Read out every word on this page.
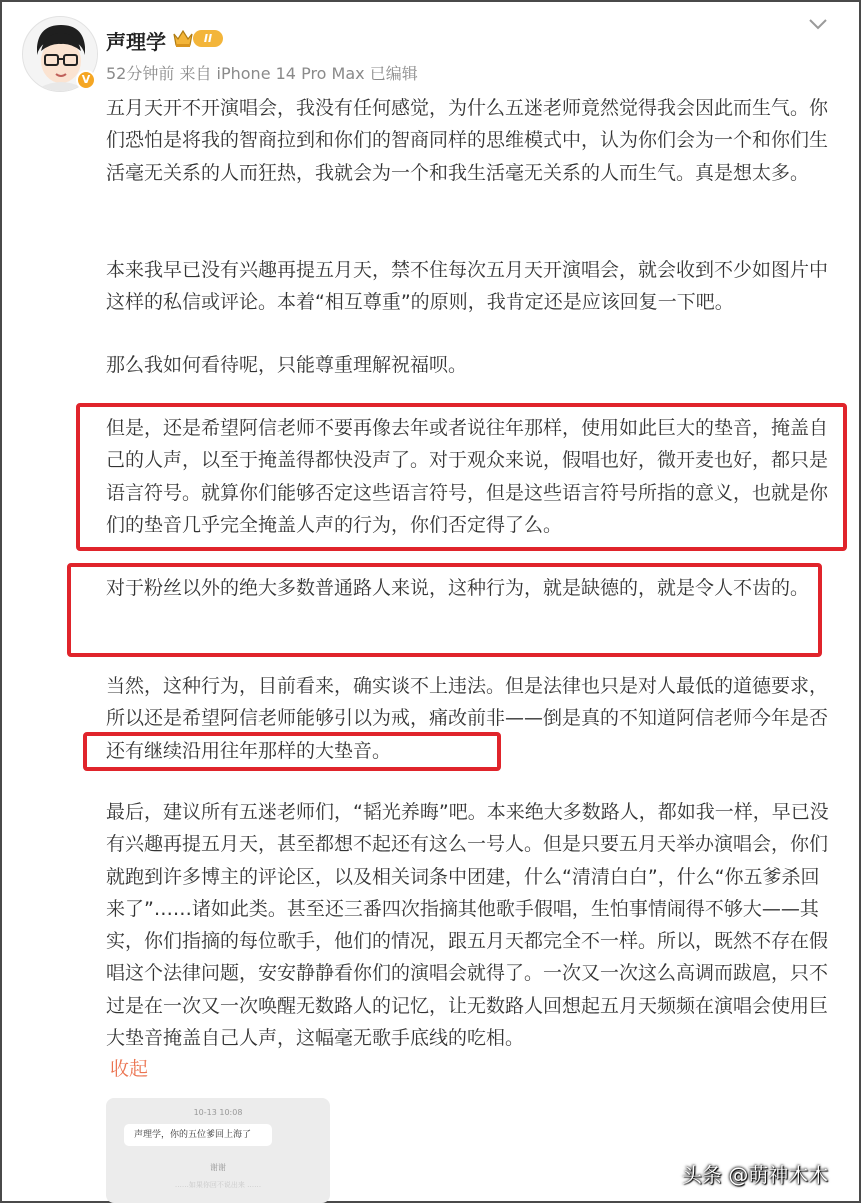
V
声理学	II
52分钟前 来自 iPhone 14 Pro Max 已编辑
五月天开不开演唱会，我没有任何感觉，为什么五迷老师竟然觉得我会因此而生气。你们恐怕是将我的智商拉到和你们的智商同样的思维模式中，认为你们会为一个和你们生活毫无关系的人而狂热，我就会为一个和我生活毫无关系的人而生气。真是想太多。
本来我早已没有兴趣再提五月天，禁不住每次五月天开演唱会，就会收到不少如图片中这样的私信或评论。本着“相互尊重”的原则，我肯定还是应该回复一下吧。
那么我如何看待呢，只能尊重理解祝福呗。
但是，还是希望阿信老师不要再像去年或者说往年那样，使用如此巨大的垫音，掩盖自己的人声，以至于掩盖得都快没声了。对于观众来说，假唱也好，微开麦也好，都只是语言符号。就算你们能够否定这些语言符号，但是这些语言符号所指的意义，也就是你们的垫音几乎完全掩盖人声的行为，你们否定得了么。
对于粉丝以外的绝大多数普通路人来说，这种行为，就是缺德的，就是令人不齿的。
当然，这种行为，目前看来，确实谈不上违法。但是法律也只是对人最低的道德要求，所以还是希望阿信老师能够引以为戒，痛改前非——倒是真的不知道阿信老师今年是否还有继续沿用往年那样的大垫音。
最后，建议所有五迷老师们，“韬光养晦”吧。本来绝大多数路人，都如我一样，早已没有兴趣再提五月天，甚至都想不起还有这么一号人。但是只要五月天举办演唱会，你们就跑到许多博主的评论区，以及相关词条中团建，什么“清清白白”，什么“你五爹杀回来了”……诸如此类。甚至还三番四次指摘其他歌手假唱，生怕事情闹得不够大——其实，你们指摘的每位歌手，他们的情况，跟五月天都完全不一样。所以，既然不存在假唱这个法律问题，安安静静看你们的演唱会就得了。一次又一次这么高调而跋扈，只不过是在一次又一次唤醒无数路人的记忆，让无数路人回想起五月天频频在演唱会使用巨大垫音掩盖自己人声，这幅毫无歌手底线的吃相。
收起
10-13 10:08
声理学，你的五位爹回上海了
谢谢
……如果你回不说出来 ……	头条 @萌神木木
